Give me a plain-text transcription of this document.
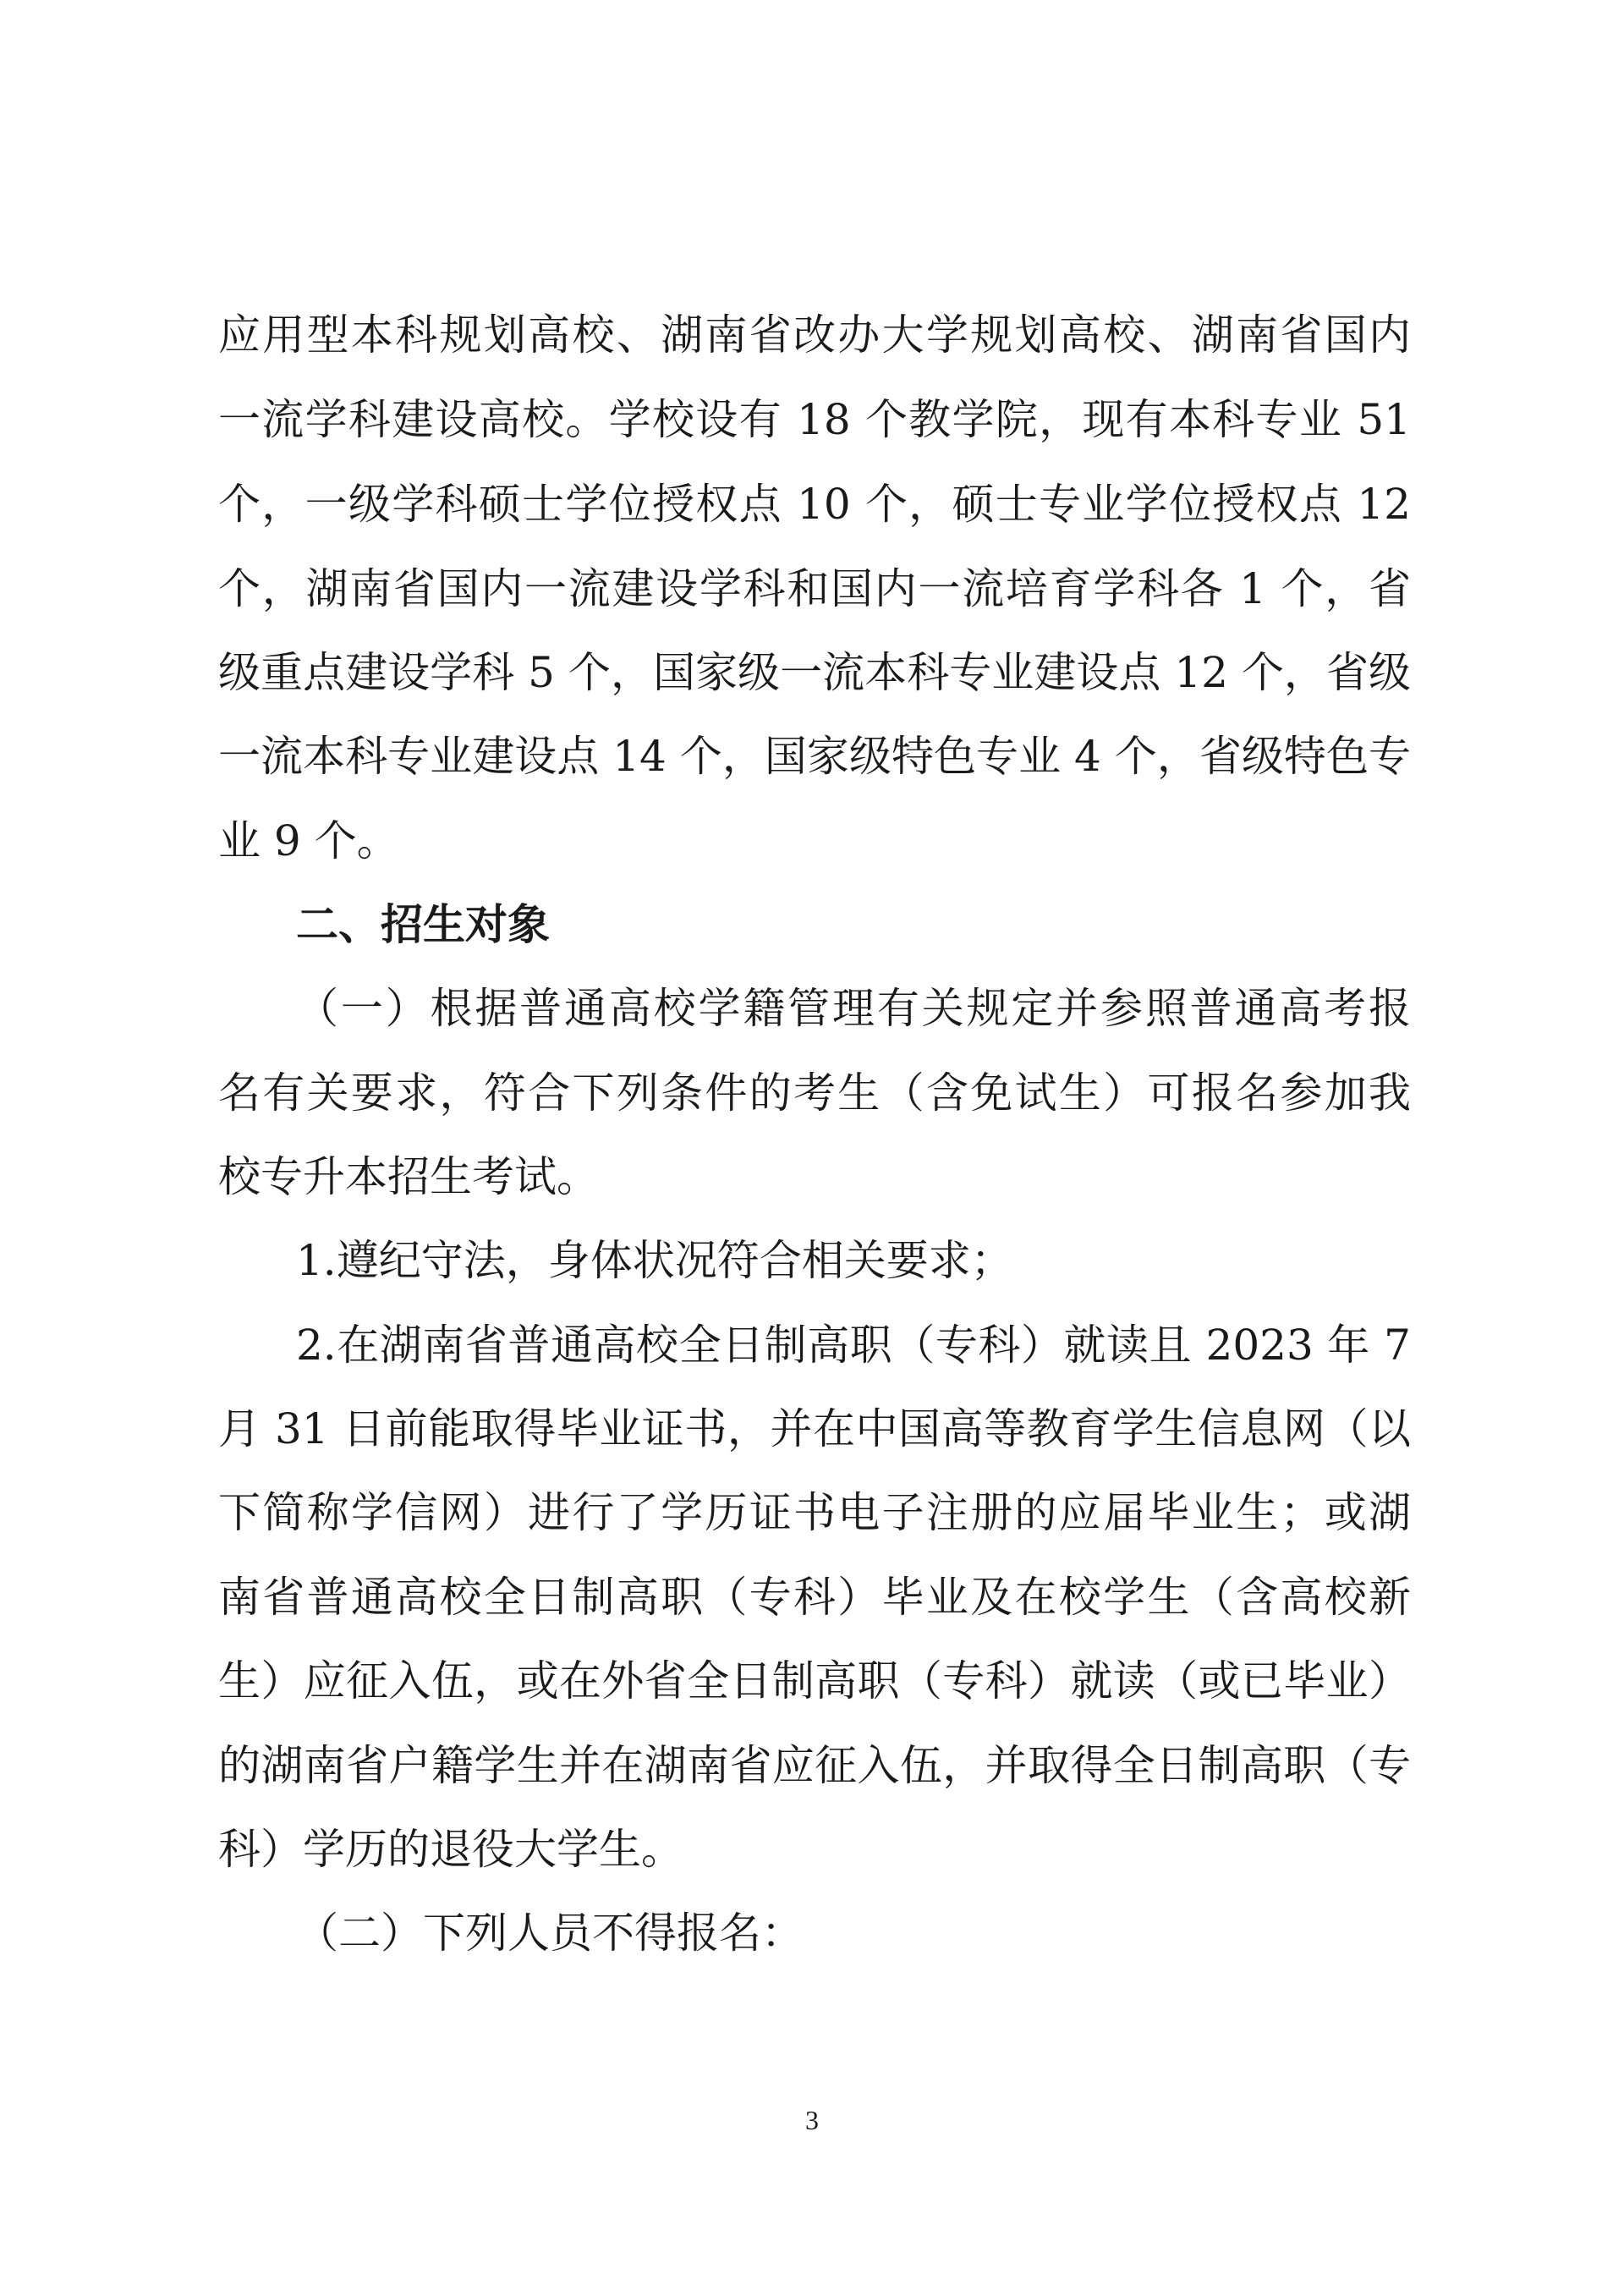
应用型本科规划高校、湖南省改办大学规划高校、湖南省国内
一流学科建设高校。学校设有 18 个教学院，现有本科专业 51
个，一级学科硕士学位授权点 10 个，硕士专业学位授权点 12
个，湖南省国内一流建设学科和国内一流培育学科各 1 个，省
级重点建设学科 5 个，国家级一流本科专业建设点 12 个，省级
一流本科专业建设点 14 个，国家级特色专业 4 个，省级特色专
业 9 个。
二、招生对象
（一）根据普通高校学籍管理有关规定并参照普通高考报
名有关要求，符合下列条件的考生（含免试生）可报名参加我
校专升本招生考试。
1.遵纪守法，身体状况符合相关要求；
2.在湖南省普通高校全日制高职（专科）就读且 2023 年 7
月 31 日前能取得毕业证书，并在中国高等教育学生信息网（以
下简称学信网）进行了学历证书电子注册的应届毕业生；或湖
南省普通高校全日制高职（专科）毕业及在校学生（含高校新
生）应征入伍，或在外省全日制高职（专科）就读（或已毕业）
的湖南省户籍学生并在湖南省应征入伍，并取得全日制高职（专
科）学历的退役大学生。
（二）下列人员不得报名：
3
